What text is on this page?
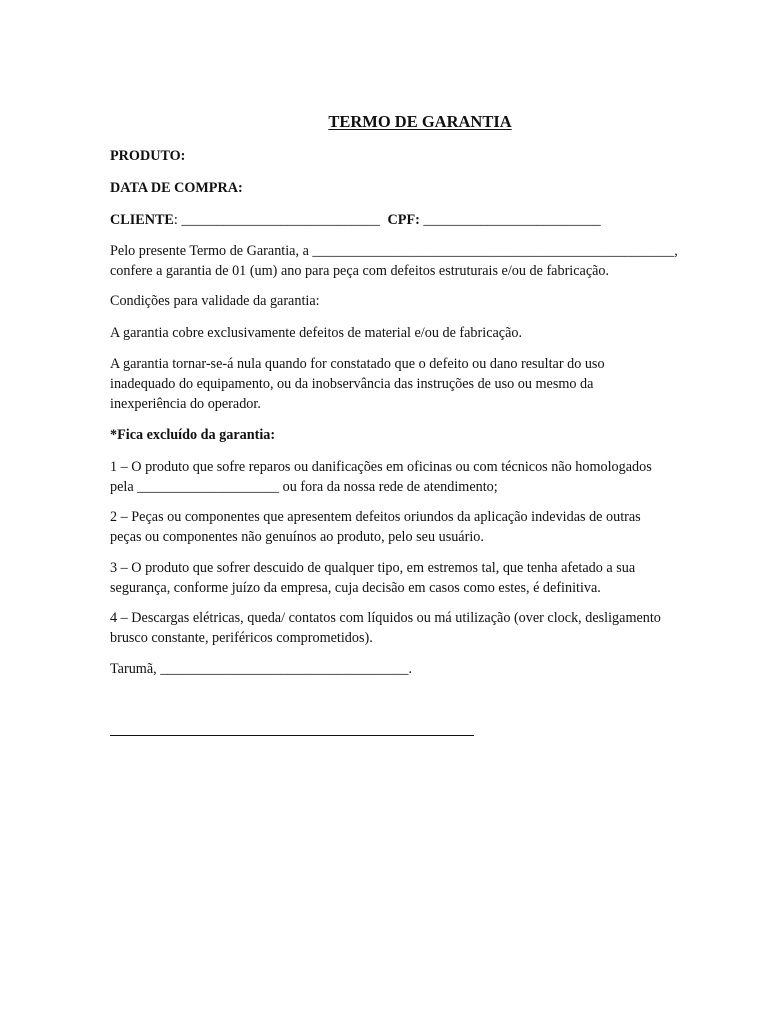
TERMO DE GARANTIA
PRODUTO:
DATA DE COMPRA:
CLIENTE: ____________________________ CPF: _________________________
Pelo presente Termo de Garantia, a ___________________________________________________,
confere a garantia de 01 (um) ano para peça com defeitos estruturais e/ou de fabricação.
Condições para validade da garantia:
A garantia cobre exclusivamente defeitos de material e/ou de fabricação.
A garantia tornar-se-á nula quando for constatado que o defeito ou dano resultar do uso
inadequado do equipamento, ou da inobservância das instruções de uso ou mesmo da
inexperiência do operador.
*Fica excluído da garantia:
1 – O produto que sofre reparos ou danificações em oficinas ou com técnicos não homologados
pela ____________________ ou fora da nossa rede de atendimento;
2 – Peças ou componentes que apresentem defeitos oriundos da aplicação indevidas de outras
peças ou componentes não genuínos ao produto, pelo seu usuário.
3 – O produto que sofrer descuido de qualquer tipo, em estremos tal, que tenha afetado a sua
segurança, conforme juízo da empresa, cuja decisão em casos como estes, é definitiva.
4 – Descargas elétricas, queda/ contatos com líquidos ou má utilização (over clock, desligamento
brusco constante, periféricos comprometidos).
Tarumã, ___________________________________.
